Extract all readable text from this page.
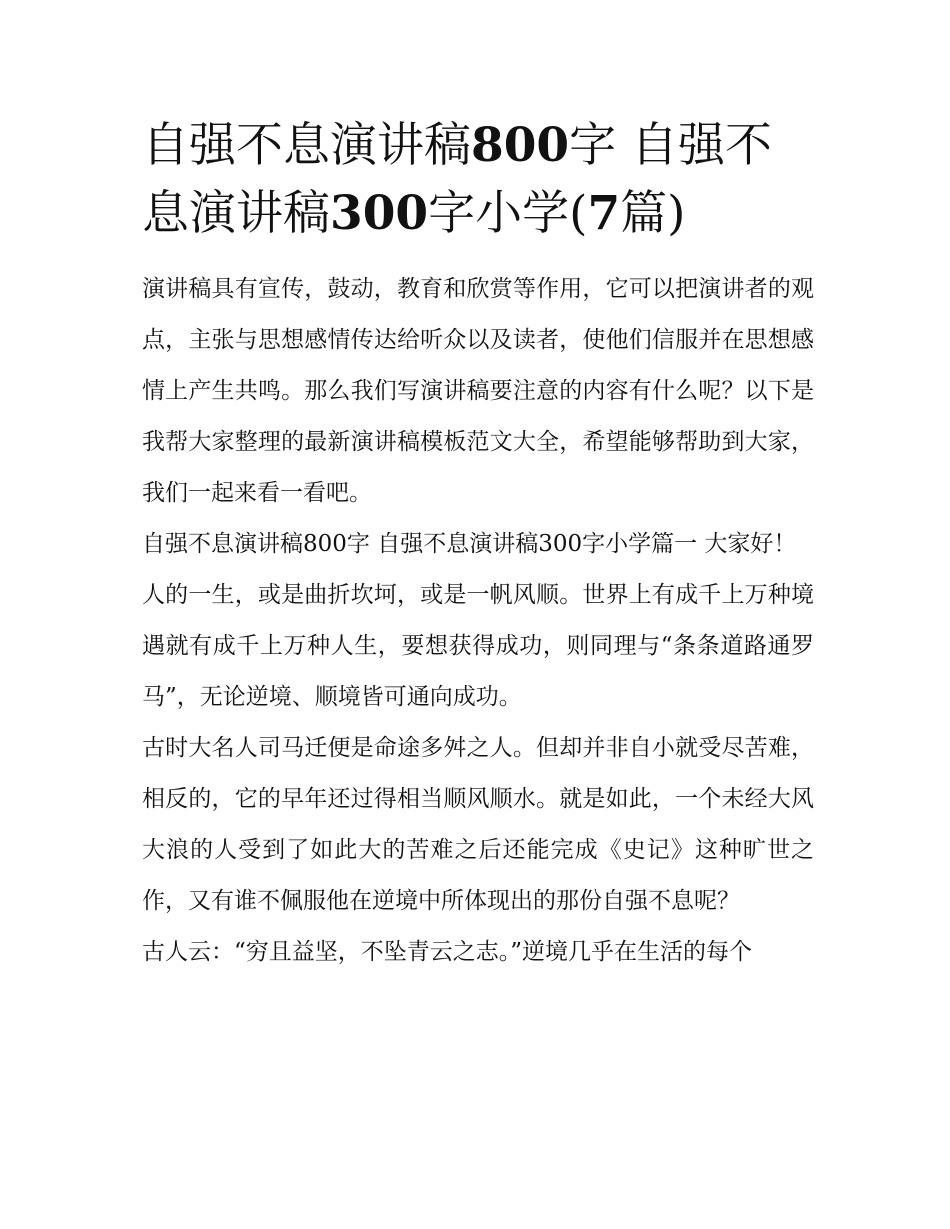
自强不息演讲稿800字 自强不
息演讲稿300字小学(7篇)

演讲稿具有宣传，鼓动，教育和欣赏等作用，它可以把演讲者的观点，主张与思想感情传达给听众以及读者，使他们信服并在思想感情上产生共鸣。那么我们写演讲稿要注意的内容有什么呢？以下是我帮大家整理的最新演讲稿模板范文大全，希望能够帮助到大家，我们一起来看一看吧。

自强不息演讲稿800字 自强不息演讲稿300字小学篇一 大家好！

人的一生，或是曲折坎坷，或是一帆风顺。世界上有成千上万种境遇就有成千上万种人生，要想获得成功，则同理与“条条道路通罗马”，无论逆境、顺境皆可通向成功。

古时大名人司马迁便是命途多舛之人。但却并非自小就受尽苦难，相反的，它的早年还过得相当顺风顺水。就是如此，一个未经大风大浪的人受到了如此大的苦难之后还能完成《史记》这种旷世之作，又有谁不佩服他在逆境中所体现出的那份自强不息呢？

古人云：“穷且益坚，不坠青云之志。”逆境几乎在生活的每个
